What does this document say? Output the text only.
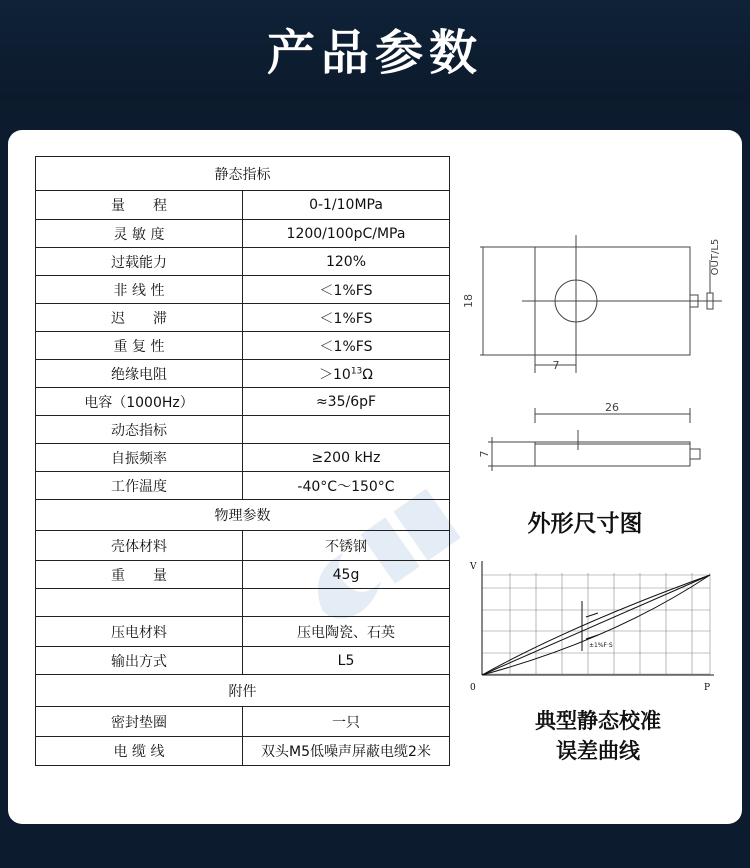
产品参数
静态指标	
量　　程	0-1/10MPa
灵 敏 度	1200/100pC/MPa
过载能力	120%
非 线 性	＜1%FS
迟　　滞	＜1%FS
重 复 性	＜1%FS
绝缘电阻	$>10^{13}\Omega$
电容（1000Hz）	≈35/6pF
动态指标	
自振频率	≥200 kHz
工作温度	-40°C～150°C
物理参数	
壳体材料	不锈钢
重　　量	45g

压电材料	压电陶瓷、石英
输出方式	L5
附件	
密封垫圈	一只
电 缆 线	双头M5低噪声屏蔽电缆2米
18
7
OUT/L5
26
7
外形尺寸图
V
P
0
±1%F·S
典型静态校准
误差曲线
